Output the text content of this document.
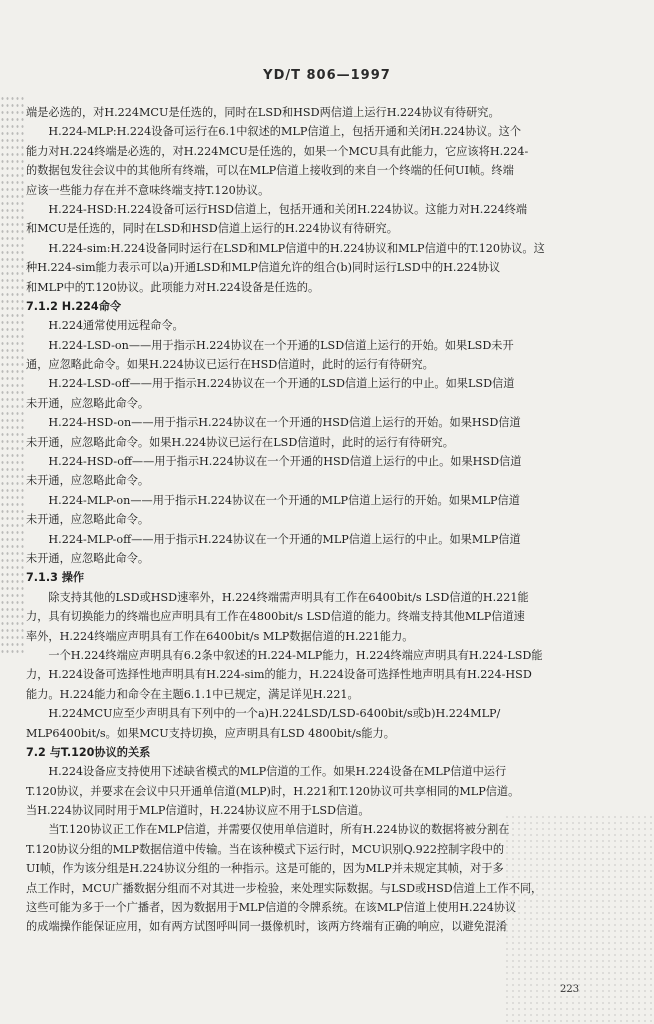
YD/T 806—1997
端是必选的，对H.224MCU是任选的，同时在LSD和HSD两信道上运行H.224协议有待研究。
H.224-MLP:H.224设备可运行在6.1中叙述的MLP信道上，包括开通和关闭H.224协议。这个
能力对H.224终端是必选的，对H.224MCU是任选的，如果一个MCU具有此能力，它应该将H.224-
的数据包发往会议中的其他所有终端，可以在MLP信道上接收到的来自一个终端的任何UI帧。终端
应该一些能力存在并不意味终端支持T.120协议。
H.224-HSD:H.224设备可运行HSD信道上，包括开通和关闭H.224协议。这能力对H.224终端
和MCU是任选的，同时在LSD和HSD信道上运行的H.224协议有待研究。
H.224-sim:H.224设备同时运行在LSD和MLP信道中的H.224协议和MLP信道中的T.120协议。这
种H.224-sim能力表示可以a)开通LSD和MLP信道允许的组合(b)同时运行LSD中的H.224协议
和MLP中的T.120协议。此项能力对H.224设备是任选的。
7.1.2 H.224命令
H.224通常使用远程命令。
H.224-LSD-on——用于指示H.224协议在一个开通的LSD信道上运行的开始。如果LSD未开
通，应忽略此命令。如果H.224协议已运行在HSD信道时，此时的运行有待研究。
H.224-LSD-off——用于指示H.224协议在一个开通的LSD信道上运行的中止。如果LSD信道
未开通，应忽略此命令。
H.224-HSD-on——用于指示H.224协议在一个开通的HSD信道上运行的开始。如果HSD信道
未开通，应忽略此命令。如果H.224协议已运行在LSD信道时，此时的运行有待研究。
H.224-HSD-off——用于指示H.224协议在一个开通的HSD信道上运行的中止。如果HSD信道
未开通，应忽略此命令。
H.224-MLP-on——用于指示H.224协议在一个开通的MLP信道上运行的开始。如果MLP信道
未开通，应忽略此命令。
H.224-MLP-off——用于指示H.224协议在一个开通的MLP信道上运行的中止。如果MLP信道
未开通，应忽略此命令。
7.1.3 操作
除支持其他的LSD或HSD速率外，H.224终端需声明具有工作在6400bit/s LSD信道的H.221能
力，具有切换能力的终端也应声明具有工作在4800bit/s LSD信道的能力。终端支持其他MLP信道速
率外，H.224终端应声明具有工作在6400bit/s MLP数据信道的H.221能力。
一个H.224终端应声明具有6.2条中叙述的H.224-MLP能力，H.224终端应声明具有H.224-LSD能
力，H.224设备可选择性地声明具有H.224-sim的能力，H.224设备可选择性地声明具有H.224-HSD
能力。H.224能力和命令在主题6.1.1中已规定，满足详见H.221。
H.224MCU应至少声明具有下列中的一个a)H.224LSD/LSD-6400bit/s或b)H.224MLP/
MLP6400bit/s。如果MCU支持切换，应声明具有LSD 4800bit/s能力。
7.2 与T.120协议的关系
H.224设备应支持使用下述缺省模式的MLP信道的工作。如果H.224设备在MLP信道中运行
T.120协议，并要求在会议中只开通单信道(MLP)时，H.221和T.120协议可共享相同的MLP信道。
当H.224协议同时用于MLP信道时，H.224协议应不用于LSD信道。
当T.120协议正工作在MLP信道，并需要仅使用单信道时，所有H.224协议的数据将被分割在
T.120协议分组的MLP数据信道中传输。当在该种模式下运行时，MCU识别Q.922控制字段中的
UI帧，作为该分组是H.224协议分组的一种指示。这是可能的，因为MLP并未规定其帧，对于多
点工作时，MCU广播数据分组而不对其进一步检验，来处理实际数据。与LSD或HSD信道上工作不同，
这些可能为多于一个广播者，因为数据用于MLP信道的令牌系统。在该MLP信道上使用H.224协议
的成端操作能保证应用，如有两方试图呼叫同一摄像机时，该两方终端有正确的响应，以避免混淆
223
